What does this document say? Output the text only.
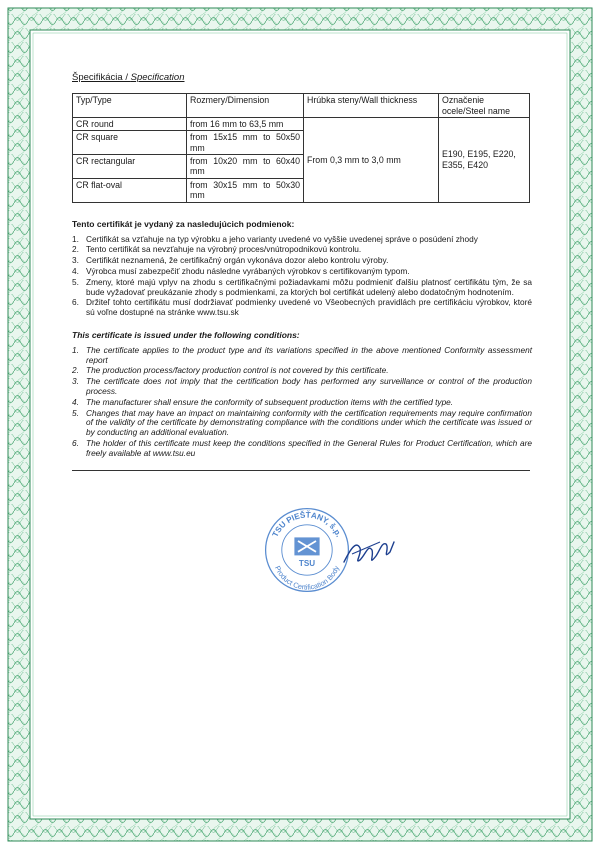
Špecifikácia / Specification
Typ/Type	Rozmery/Dimension	Hrúbka steny/Wall thickness	Označenie ocele/Steel name
CR round	from 16 mm to 63,5 mm	From 0,3 mm to 3,0 mm	E190, E195, E220, E355, E420
CR square	from 15x15 mm to 50x50 mm		
CR rectangular	from 10x20 mm to 60x40 mm		
CR flat-oval	from 30x15 mm to 50x30 mm		
Tento certifikát je vydaný za nasledujúcich podmienok:
1. Certifikát sa vzťahuje na typ výrobku a jeho varianty uvedené vo vyššie uvedenej správe o posúdení zhody
2. Tento certifikát sa nevzťahuje na výrobný proces/vnútropodnikovú kontrolu.
3. Certifikát neznamená, že certifikačný orgán vykonáva dozor alebo kontrolu výroby.
4. Výrobca musí zabezpečiť zhodu následne vyrábaných výrobkov s certifikovaným typom.
5. Zmeny, ktoré majú vplyv na zhodu s certifikačnými požiadavkami môžu podmieniť ďalšiu platnosť certifikátu tým, že sa bude vyžadovať preukázanie zhody s podmienkami, za ktorých bol certifikát udelený alebo dodatočným hodnotením.
6. Držiteľ tohto certifikátu musí dodržiavať podmienky uvedené vo Všeobecných pravidlách pre certifikáciu výrobkov, ktoré sú voľne dostupné na stránke www.tsu.sk
This certificate is issued under the following conditions:
1. The certificate applies to the product type and its variations specified in the above mentioned Conformity assessment report
2. The production process/factory production control is not covered by this certificate.
3. The certificate does not imply that the certification body has performed any surveillance or control of the production process.
4. The manufacturer shall ensure the conformity of subsequent production items with the certified type.
5. Changes that may have an impact on maintaining conformity with the certification requirements may require confirmation of the validity of the certificate by demonstrating compliance with the conditions under which the certificate was issued or by conducting an additional evaluation.
6. The holder of this certificate must keep the conditions specified in the General Rules for Product Certification, which are freely available at www.tsu.eu
TSU PIEŠŤANY, š.p.
Product Certification Body
TSU
